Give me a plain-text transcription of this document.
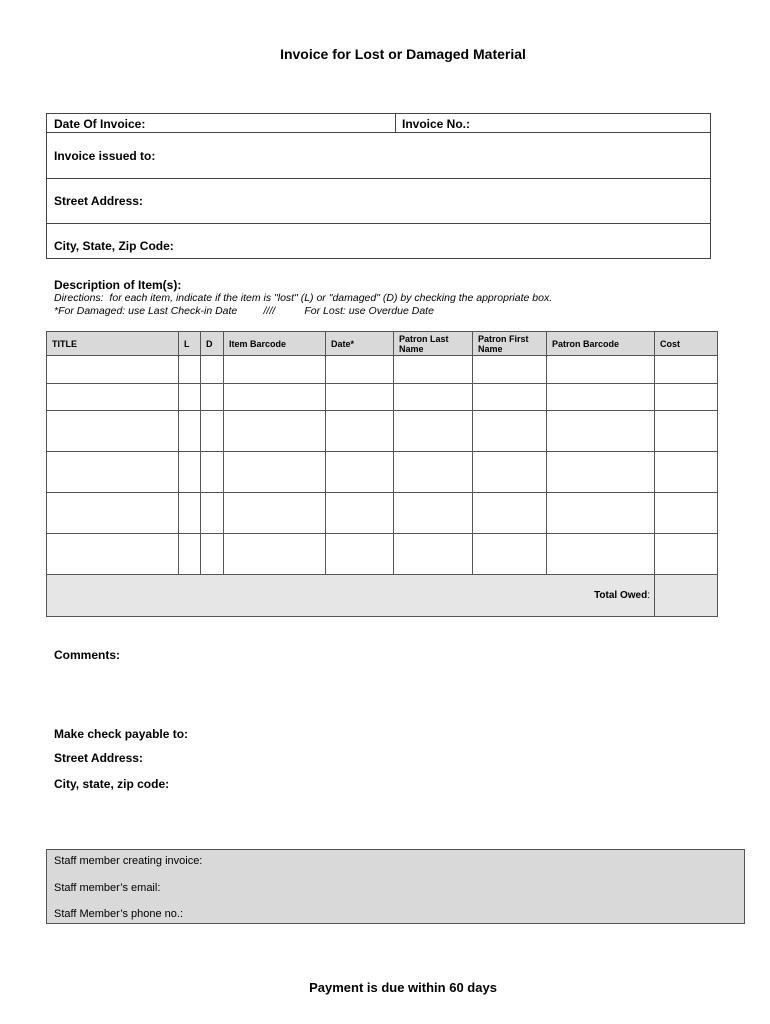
Invoice for Lost or Damaged Material
Date Of Invoice:	Invoice No.:
Invoice issued to:
Street Address:
City, State, Zip Code:
Description of Item(s):
Directions:  for each item, indicate if the item is "lost" (L) or "damaged" (D) by checking the appropriate box.
*For Damaged: use Last Check-in Date         ////          For Lost: use Overdue Date
TITLE	L	D	Item Barcode	Date*	Patron Last Name	Patron First Name	Patron Barcode	Cost

Total Owed:								
Comments:
Make check payable to:
Street Address:
City, state, zip code:
Staff member creating invoice:
Staff member’s email:
Staff Member’s phone no.:
Payment is due within 60 days
